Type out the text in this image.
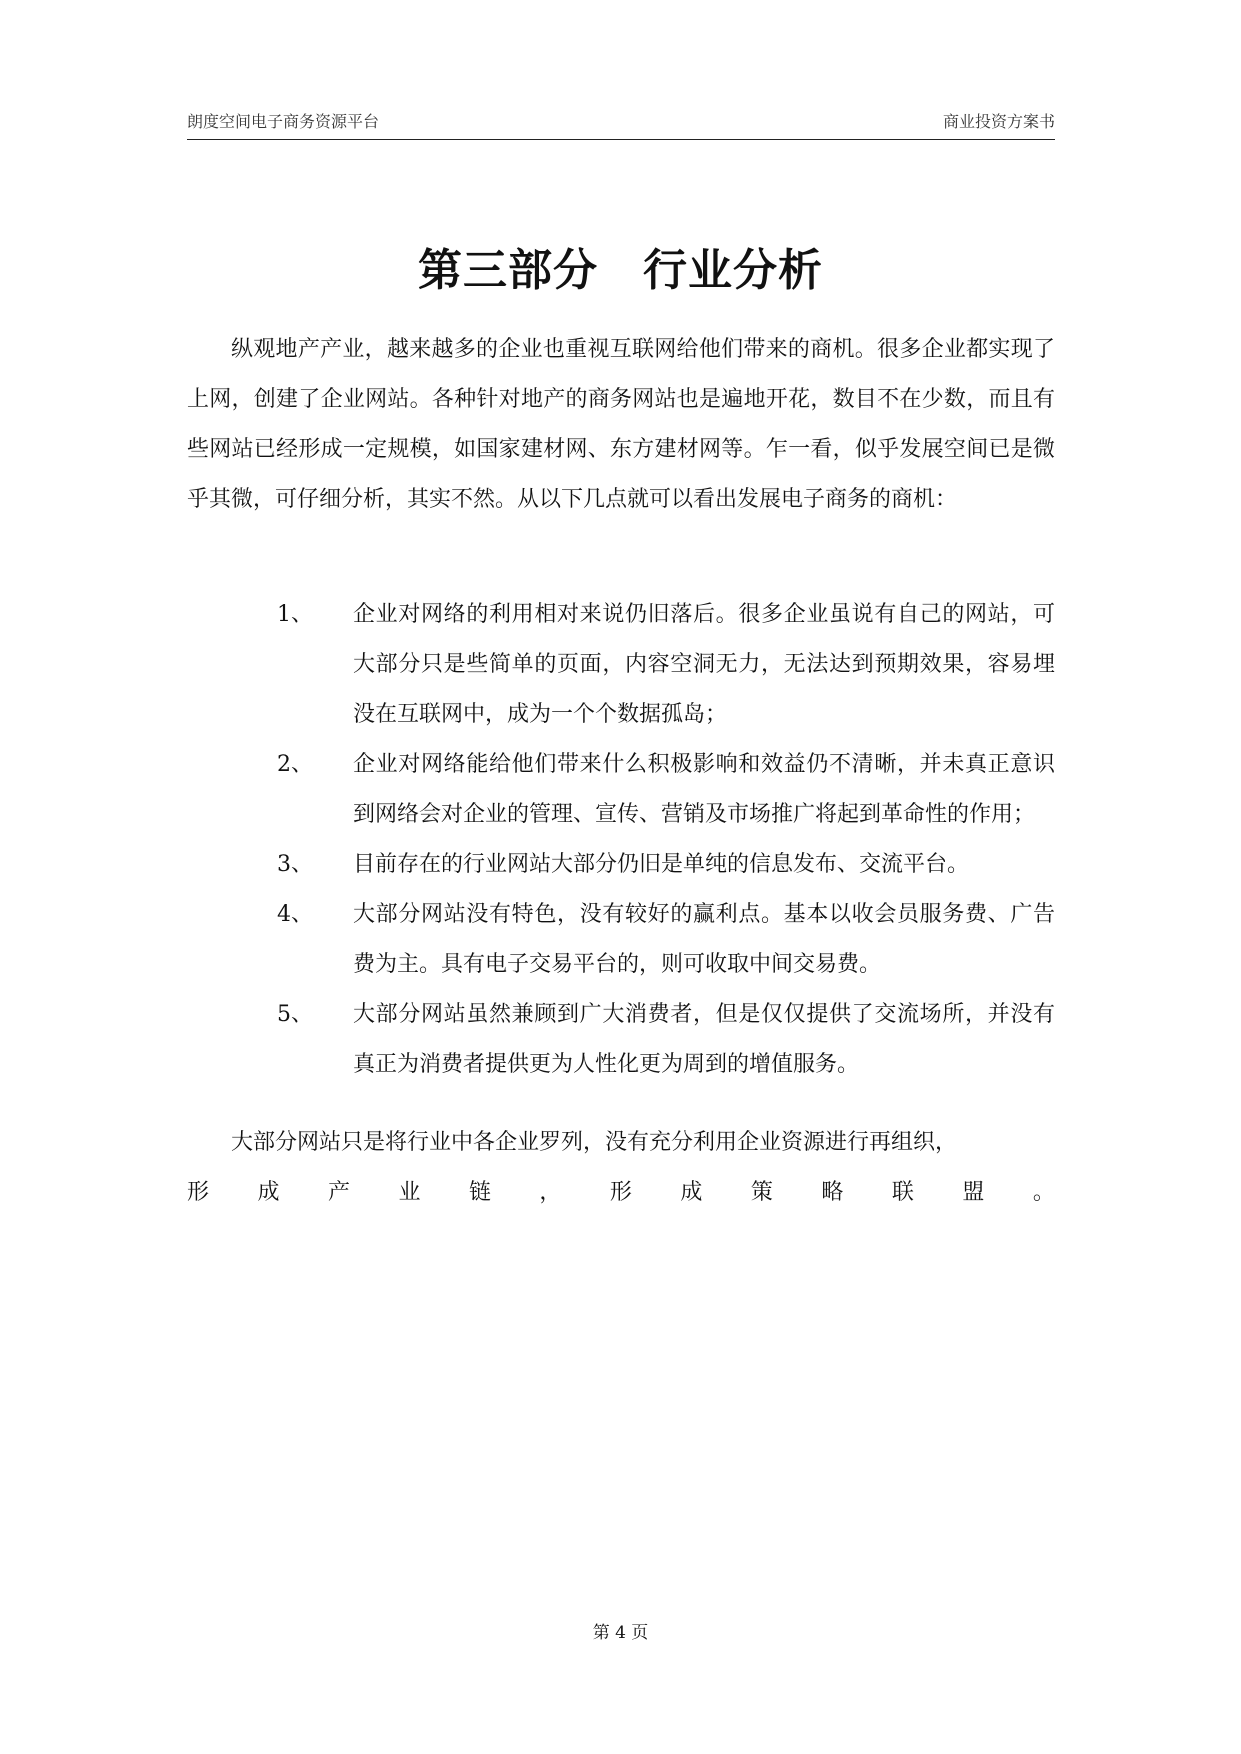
朗度空间电子商务资源平台	商业投资方案书
第三部分　行业分析
纵观地产产业，越来越多的企业也重视互联网给他们带来的商机。很多企业都实现了上网，创建了企业网站。各种针对地产的商务网站也是遍地开花，数目不在少数，而且有些网站已经形成一定规模，如国家建材网、东方建材网等。乍一看，似乎发展空间已是微乎其微，可仔细分析，其实不然。从以下几点就可以看出发展电子商务的商机：
1、 企业对网络的利用相对来说仍旧落后。很多企业虽说有自己的网站，可大部分只是些简单的页面，内容空洞无力，无法达到预期效果，容易埋没在互联网中，成为一个个数据孤岛；
2、 企业对网络能给他们带来什么积极影响和效益仍不清晰，并未真正意识到网络会对企业的管理、宣传、营销及市场推广将起到革命性的作用；
3、 目前存在的行业网站大部分仍旧是单纯的信息发布、交流平台。
4、 大部分网站没有特色，没有较好的赢利点。基本以收会员服务费、广告费为主。具有电子交易平台的，则可收取中间交易费。
5、 大部分网站虽然兼顾到广大消费者，但是仅仅提供了交流场所，并没有真正为消费者提供更为人性化更为周到的增值服务。
大部分网站只是将行业中各企业罗列，没有充分利用企业资源进行再组织，
形 成 产 业 链 ， 形 成 策 略 联 盟 。
第 4 页
